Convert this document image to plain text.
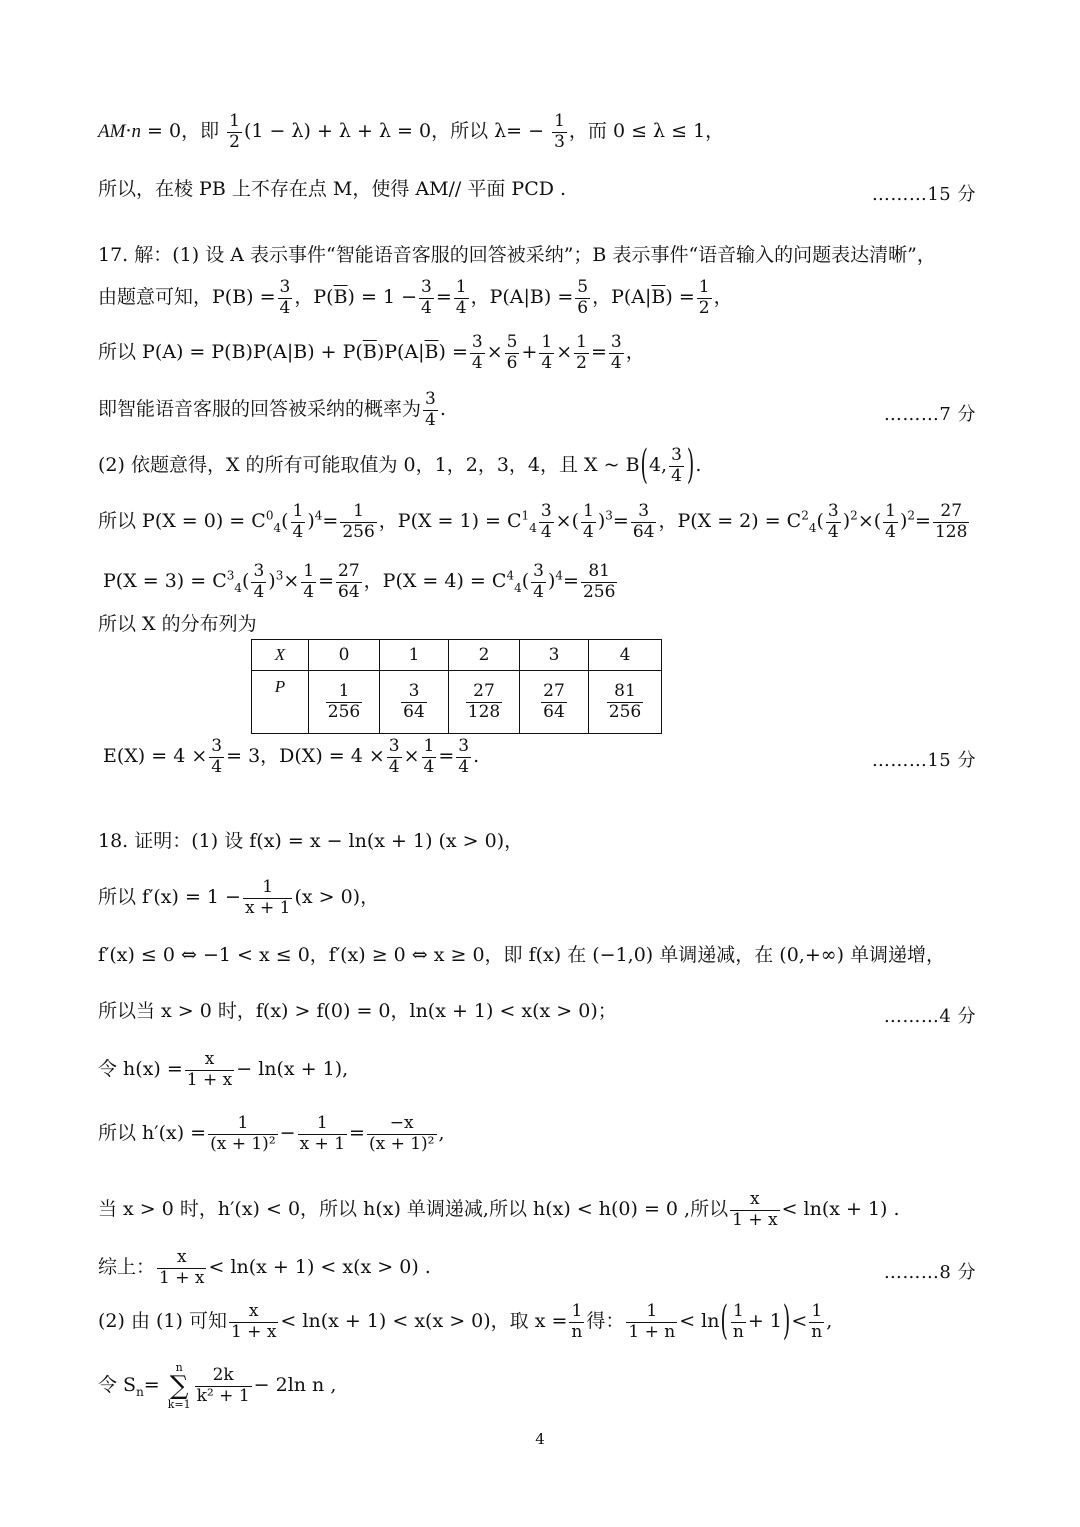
AM·n = 0，即 $\frac{1}{2} (1 - \lambda) + \lambda + \lambda = 0$，所以 $\lambda= - \frac{1}{3}$ ，而 0 ≤ λ ≤ 1，
所以，在棱 PB 上不存在点 M，使得 AM// 平面 PCD .	………15 分
17. 解：(1) 设 A 表示事件“智能语音客服的回答被采纳”；B 表示事件“语音输入的问题表达清晰”，
由题意可知，$P(B) = \frac{3}{4}$ ，$P(\overline{B}) = 1 - \frac{3}{4} = \frac{1}{4}$ ，$P(A|B) = \frac{5}{6}$ ，$P(A|\overline{B}) = \frac{1}{2}$ ，
所以 $P(A) = P(B)P(A|B) + P(\overline{B})P(A|\overline{B}) = \frac{3}{4} \times \frac{5}{6} + \frac{1}{4} \times \frac{1}{2} = \frac{3}{4}$ ，
即智能语音客服的回答被采纳的概率为 $\frac{3}{4}$ .	………7 分
(2) 依题意得，X 的所有可能取值为 0，1，2，3，4，且 X ~ B(4, $\frac{3}{4}$ ).
所以 $P(X = 0) = C^0_4( \frac{1}{4} )^4= \frac{1}{256}$ ，$P(X = 1) = C^1_4 \frac{3}{4}$ ×( $\frac{1}{4} )^3= \frac{3}{64}$ ，$P(X = 2) = C^2_4( \frac{3}{4} )^2\times( \frac{1}{4} )^2= \frac{27}{128}$
$P(X = 3) = C^3_4( \frac{3}{4} )^3\times \frac{1}{4} = \frac{27}{64}$ ，$P(X = 4) = C^4_4( \frac{3}{4} )^4= \frac{81}{256}$
所以 X 的分布列为
X	0	1	2	3	4
P	$\frac{1}{256}$	$\frac{3}{64}$	$\frac{27}{128}$	$\frac{27}{64}$	$\frac{81}{256}$
$E(X) = 4 \times \frac{3}{4} = 3$，$D(X) = 4 \times \frac{3}{4} \times \frac{1}{4} = \frac{3}{4}$ .	………15 分
18. 证明：(1) 设 f(x) = x − ln(x + 1) (x > 0)，
所以 $f'(x) = 1 - \frac{1}{x + 1} (x > 0)$，
f′(x) ≤ 0 ⇔ −1 < x ≤ 0，f′(x) ≥ 0 ⇔ x ≥ 0，即 f(x) 在 (−1,0) 单调递减，在 (0,+∞) 单调递增，
所以当 x > 0 时，f(x) > f(0) = 0，ln(x + 1) < x(x > 0)；	………4 分
令 $h(x) = \frac{x}{1 + x} - \ln(x + 1)$,
所以 $h'(x) = \frac{1}{\text{(x + 1)²}} - \frac{1}{x + 1} = \frac{-x}{\text{(x + 1)²}}$ ,
当 x > 0 时，h′(x) < 0，所以 h(x) 单调递减,所以 h(x) < h(0) = 0 ,所以 $\frac{x}{1 + x} < \ln(x + 1)$ .
综上： $\frac{x}{1 + x} < \ln(x + 1) < x(x > 0)$ .	………8 分
(2) 由 (1) 可知 $\frac{x}{1 + x} < \ln(x + 1) < x(x > 0)$，取 $x = \frac{1}{n}$ 得： $\frac{1}{1 + n} < \ln( \frac{1}{n} + 1)< \frac{1}{n}$ ,
令 $S_n= n$
∑
$k=1 \frac{2k}{\text{k² + 1}} - 2\ln$ n ,
4
